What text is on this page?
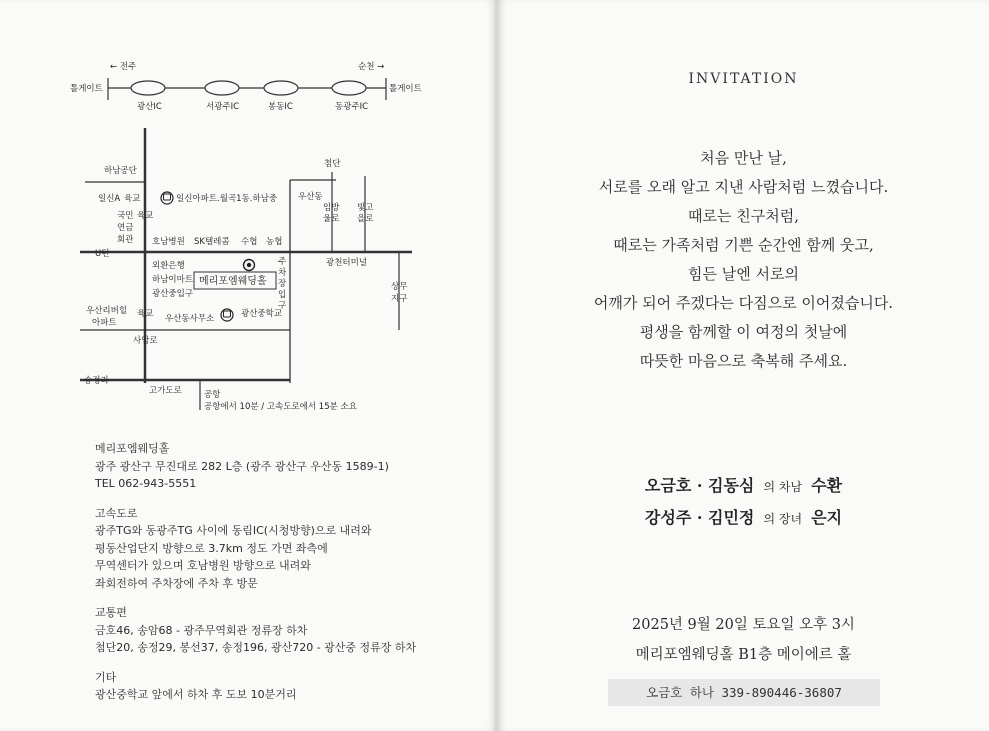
← 전주	순천 →
톨게이트	톨게이트
광산IC	서광주IC	봉동IC	동광주IC
하남공단
첨단
일신A 육교	일신아파트.월곡1동.하남중
국민 육교
연금
회관
우산동
임방
울로
빛고
을로
호남병원 SK텔레콤 수협 농협
U턴
외환은행
하남이마트
광산중입구
메리포엠웨딩홀
주
차
장
입
구
광천터미널
상무
지구
우산리버힐
아파트
육교 우산동사무소	광산중학교
사암로
송정리
고가도로	공항
공항에서 10분 / 고속도로에서 15분 소요
메리포엠웨딩홀
광주 광산구 무진대로 282 L층 (광주 광산구 우산동 1589-1)
TEL 062-943-5551
고속도로
광주TG와 동광주TG 사이에 동림IC(시청방향)으로 내려와
평동산업단지 방향으로 3.7km 정도 가면 좌측에
무역센터가 있으며 호남병원 방향으로 내려와
좌회전하여 주차장에 주차 후 방문
교통편
금호46, 송암68 - 광주무역회관 정류장 하차
첨단20, 송정29, 봉선37, 송정196, 광산720 - 광산중 정류장 하차
기타
광산중학교 앞에서 하차 후 도보 10분거리
INVITATION
처음 만난 날,
서로를 오래 알고 지낸 사람처럼 느꼈습니다.
때로는 친구처럼,
때로는 가족처럼 기쁜 순간엔 함께 웃고,
힘든 날엔 서로의
어깨가 되어 주겠다는 다짐으로 이어졌습니다.
평생을 함께할 이 여정의 첫날에
따뜻한 마음으로 축복해 주세요.
오금호 · 김동심 의 차남 수환
강성주 · 김민정 의 장녀 은지
2025년 9월 20일 토요일 오후 3시
메리포엠웨딩홀 B1층 메이에르 홀
오금호 하나 339-890446-36807
